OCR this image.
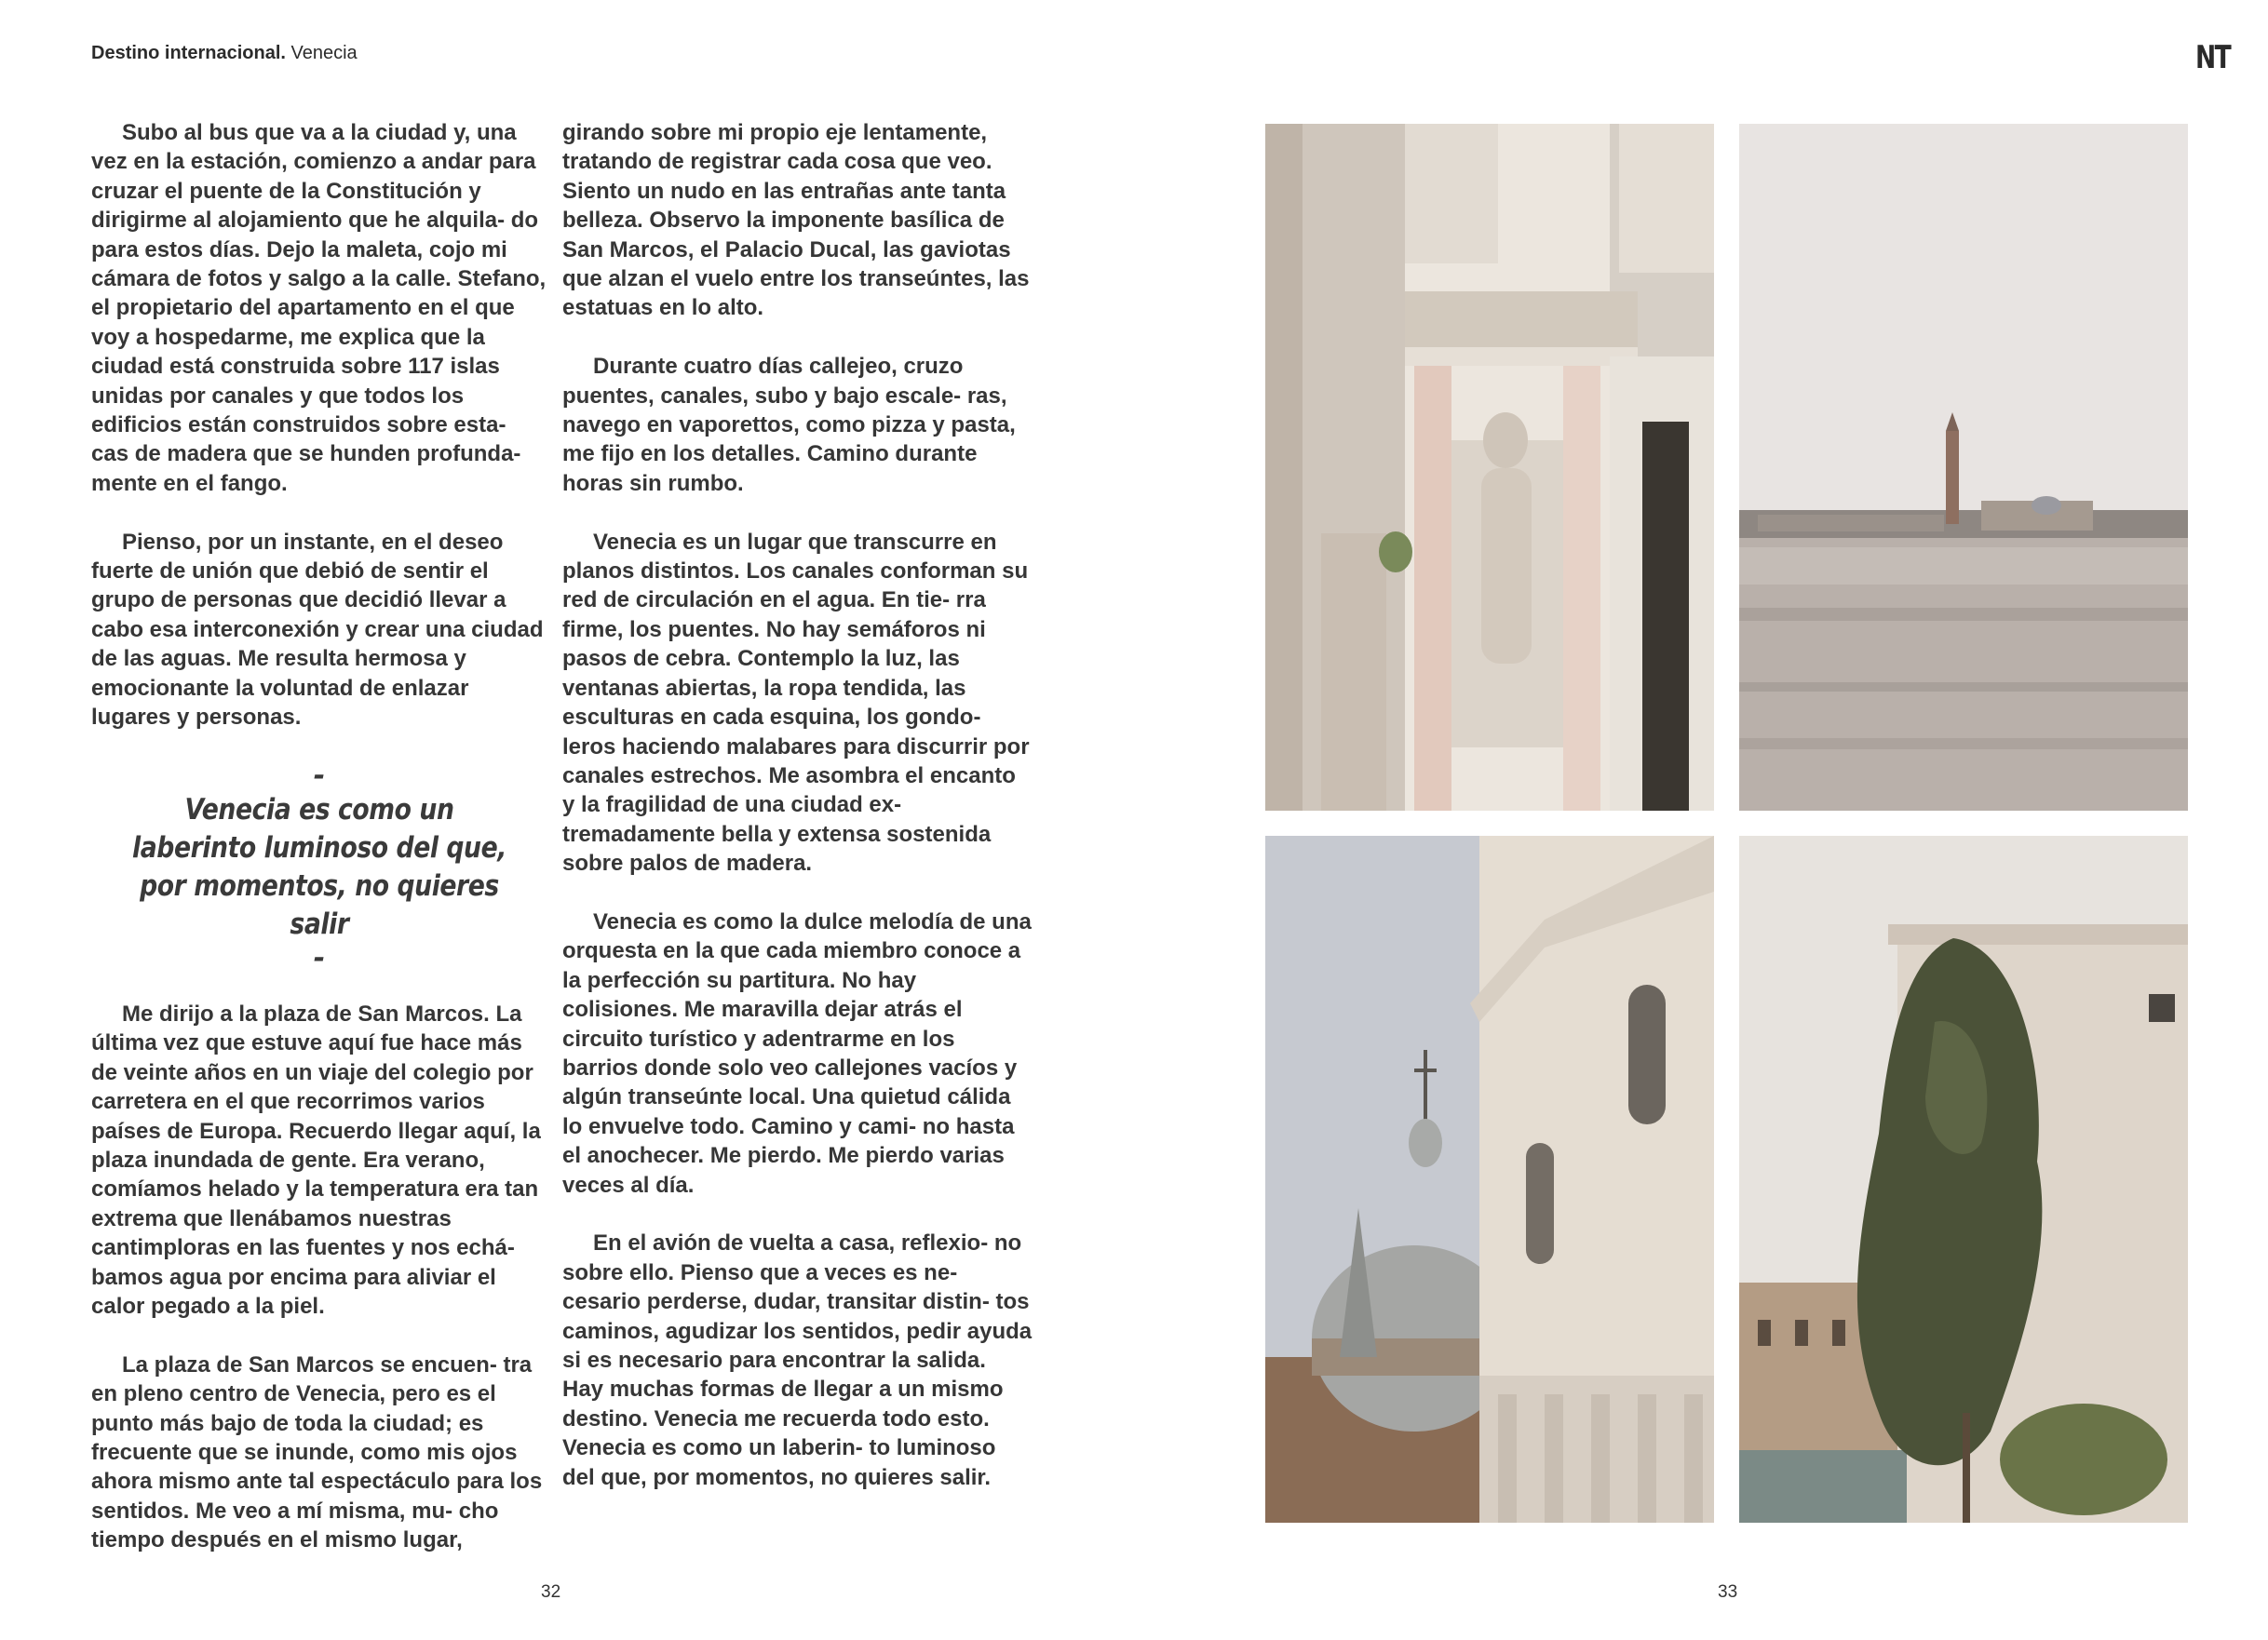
Destino internacional. Venecia	NT

Subo al bus que va a la ciudad y, una vez en la estación, comienzo a andar para cruzar el puente de la Constitución y dirigirme al alojamiento que he alquila- do para estos días. Dejo la maleta, cojo mi cámara de fotos y salgo a la calle. Stefano, el propietario del apartamento en el que voy a hospedarme, me explica que la ciudad está construida sobre 117 islas unidas por canales y que todos los edificios están construidos sobre esta- cas de madera que se hunden profunda- mente en el fango.

Pienso, por un instante, en el deseo fuerte de unión que debió de sentir el grupo de personas que decidió llevar a cabo esa interconexión y crear una ciudad de las aguas. Me resulta hermosa y emocionante la voluntad de enlazar lugares y personas.

-
Venecia es como un laberinto luminoso del que, por momentos, no quieres salir
-

Me dirijo a la plaza de San Marcos. La última vez que estuve aquí fue hace más de veinte años en un viaje del colegio por carretera en el que recorrimos varios países de Europa. Recuerdo llegar aquí, la plaza inundada de gente. Era verano, comíamos helado y la temperatura era tan extrema que llenábamos nuestras cantimploras en las fuentes y nos echá- bamos agua por encima para aliviar el calor pegado a la piel.

La plaza de San Marcos se encuen- tra en pleno centro de Venecia, pero es el punto más bajo de toda la ciudad; es frecuente que se inunde, como mis ojos ahora mismo ante tal espectáculo para los sentidos. Me veo a mí misma, mu- cho tiempo después en el mismo lugar,

girando sobre mi propio eje lentamente, tratando de registrar cada cosa que veo. Siento un nudo en las entrañas ante tanta belleza. Observo la imponente basílica de San Marcos, el Palacio Ducal, las gaviotas que alzan el vuelo entre los transeúntes, las estatuas en lo alto.

Durante cuatro días callejeo, cruzo puentes, canales, subo y bajo escale- ras, navego en vaporettos, como pizza y pasta, me fijo en los detalles. Camino durante horas sin rumbo.

Venecia es un lugar que transcurre en planos distintos. Los canales conforman su red de circulación en el agua. En tie- rra firme, los puentes. No hay semáforos ni pasos de cebra. Contemplo la luz, las ventanas abiertas, la ropa tendida, las esculturas en cada esquina, los gondo- leros haciendo malabares para discurrir por canales estrechos. Me asombra el encanto y la fragilidad de una ciudad ex- tremadamente bella y extensa sostenida sobre palos de madera.

Venecia es como la dulce melodía de una orquesta en la que cada miembro conoce a la perfección su partitura. No hay colisiones. Me maravilla dejar atrás el circuito turístico y adentrarme en los barrios donde solo veo callejones vacíos y algún transeúnte local. Una quietud cálida lo envuelve todo. Camino y cami- no hasta el anochecer. Me pierdo. Me pierdo varias veces al día.

En el avión de vuelta a casa, reflexio- no sobre ello. Pienso que a veces es ne- cesario perderse, dudar, transitar distin- tos caminos, agudizar los sentidos, pedir ayuda si es necesario para encontrar la salida. Hay muchas formas de llegar a un mismo destino. Venecia me recuerda todo esto. Venecia es como un laberin- to luminoso del que, por momentos, no quieres salir.

32	33
